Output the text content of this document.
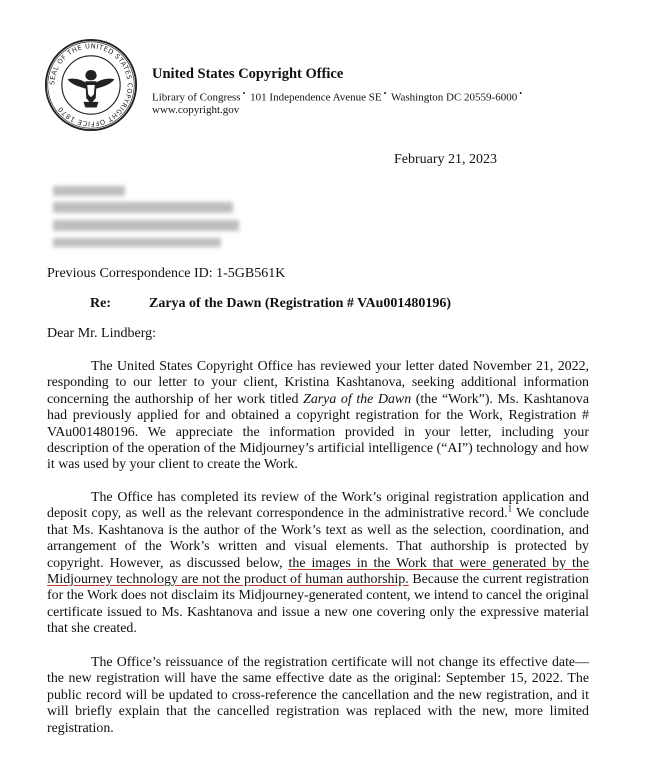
SEAL OF THE UNITED STATES COPYRIGHT OFFICE 1870
United States Copyright Office
Library of Congress • 101 Independence Avenue SE • Washington DC 20559-6000 •
www.copyright.gov
February 21, 2023
Previous Correspondence ID: 1-5GB561K
Re:	Zarya of the Dawn (Registration # VAu001480196)
Dear Mr. Lindberg:

The United States Copyright Office has reviewed your letter dated November 21, 2022, responding to our letter to your client, Kristina Kashtanova, seeking additional information concerning the authorship of her work titled Zarya of the Dawn (the “Work”). Ms. Kashtanova had previously applied for and obtained a copyright registration for the Work, Registration # VAu001480196. We appreciate the information provided in your letter, including your description of the operation of the Midjourney’s artificial intelligence (“AI”) technology and how it was used by your client to create the Work.

The Office has completed its review of the Work’s original registration application and deposit copy, as well as the relevant correspondence in the administrative record.$^1$ We conclude that Ms. Kashtanova is the author of the Work’s text as well as the selection, coordination, and arrangement of the Work’s written and visual elements. That authorship is protected by copyright. However, as discussed below, the images in the Work that were generated by the Midjourney technology are not the product of human authorship. Because the current registration for the Work does not disclaim its Midjourney-generated content, we intend to cancel the original certificate issued to Ms. Kashtanova and issue a new one covering only the expressive material that she created.

The Office’s reissuance of the registration certificate will not change its effective date—the new registration will have the same effective date as the original: September 15, 2022. The public record will be updated to cross-reference the cancellation and the new registration, and it will briefly explain that the cancelled registration was replaced with the new, more limited registration.
